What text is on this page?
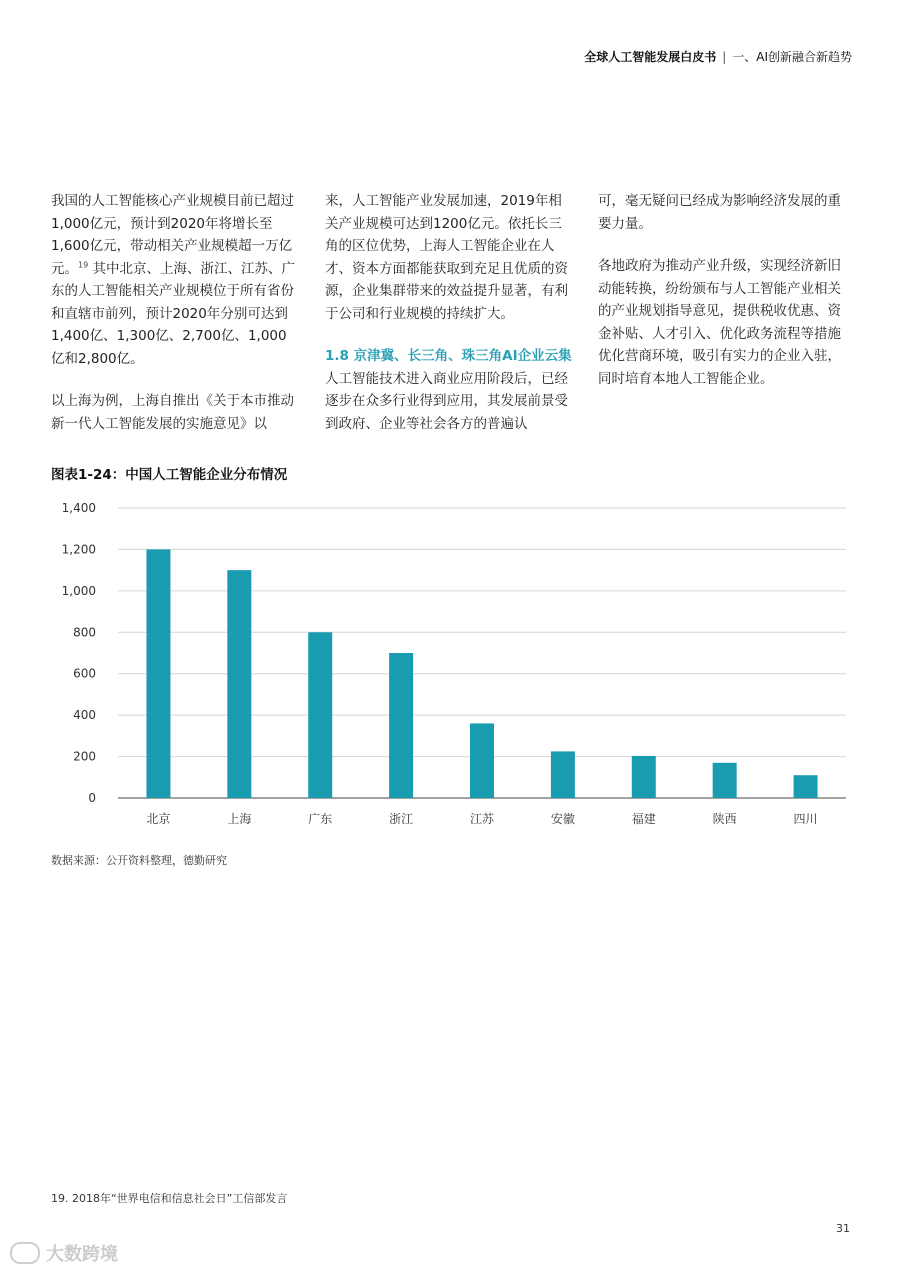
全球人工智能发展白皮书 | 一、AI创新融合新趋势

我国的人工智能核心产业规模目前已超过1,000亿元，预计到2020年将增长至1,600亿元，带动相关产业规模超一万亿元。$^{19}$ 其中北京、上海、浙江、江苏、广东的人工智能相关产业规模位于所有省份和直辖市前列，预计2020年分别可达到1,400亿、1,300亿、2,700亿、1,000亿和2,800亿。

以上海为例，上海自推出《关于本市推动新一代人工智能发展的实施意见》以

来，人工智能产业发展加速，2019年相关产业规模可达到1200亿元。依托长三角的区位优势，上海人工智能企业在人才、资本方面都能获取到充足且优质的资源，企业集群带来的效益提升显著，有利于公司和行业规模的持续扩大。

1.8 京津冀、长三角、珠三角AI企业云集
人工智能技术进入商业应用阶段后，已经逐步在众多行业得到应用，其发展前景受到政府、企业等社会各方的普遍认

可，毫无疑问已经成为影响经济发展的重要力量。

各地政府为推动产业升级，实现经济新旧动能转换，纷纷颁布与人工智能产业相关的产业规划指导意见，提供税收优惠、资金补贴、人才引入、优化政务流程等措施优化营商环境，吸引有实力的企业入驻，同时培育本地人工智能企业。

图表1-24：中国人工智能企业分布情况
0
200
400
600
800
1,000
1,200
1,400
北京	上海	广东	浙江	江苏	安徽	福建	陕西	四川
数据来源：公开资料整理，德勤研究
19. 2018年“世界电信和信息社会日”工信部发言
31
大数跨境
